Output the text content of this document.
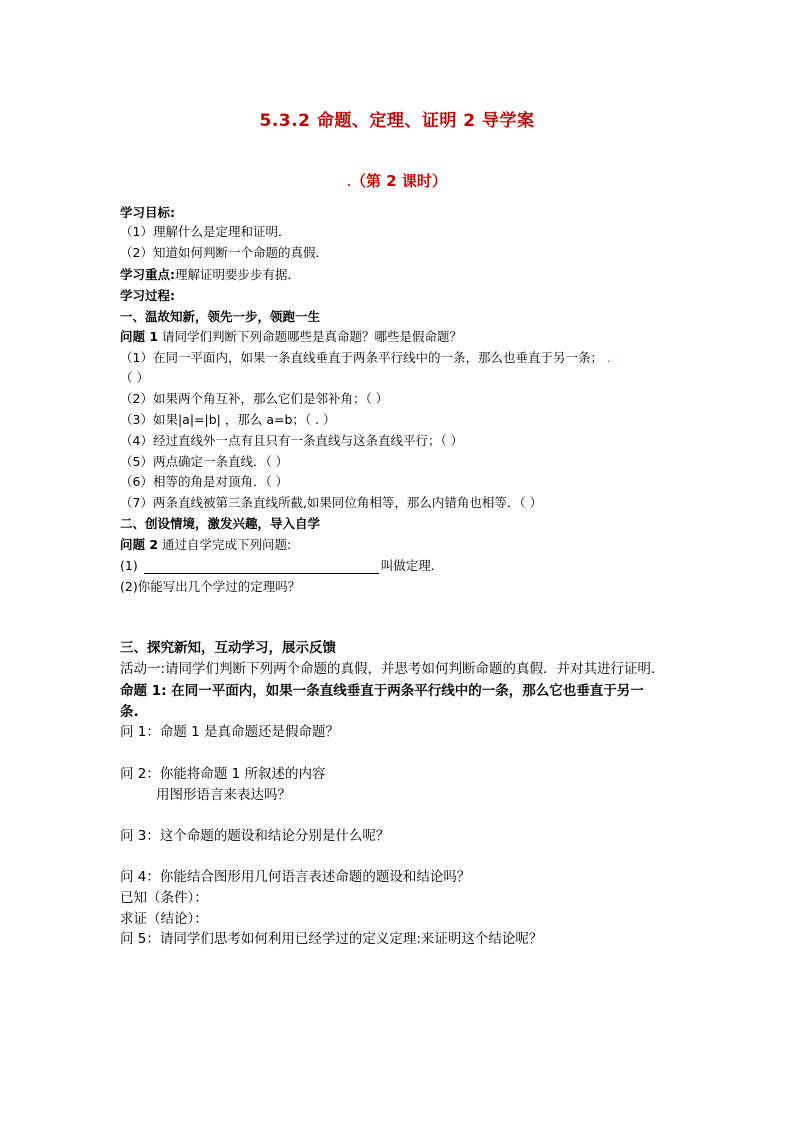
5.3.2 命题、定理、证明 2 导学案
.（第 2 课时）
学习目标:
（1）理解什么是定理和证明．
（2）知道如何判断一个命题的真假．
学习重点:理解证明要步步有据．
学习过程:
一、温故知新，领先一步，领跑一生
问题 1 请同学们判断下列命题哪些是真命题？哪些是假命题？
（1）在同一平面内，如果一条直线垂直于两条平行线中的一条，那么也垂直于另一条； .
（ ）
（2）如果两个角互补，那么它们是邻补角；（ ）
（3）如果|a|=|b| ，那么 a=b；（ . ）
（4）经过直线外一点有且只有一条直线与这条直线平行；（ ）
（5）两点确定一条直线．（ ）
（6）相等的角是对顶角．（ ）
（7）两条直线被第三条直线所截,如果同位角相等，那么内错角也相等．（ ）
二、创设情境，激发兴趣，导入自学
问题 2 通过自学完成下列问题:
(1)	叫做定理.
(2)你能写出几个学过的定理吗？
三、探究新知，互动学习，展示反馈
活动一:请同学们判断下列两个命题的真假，并思考如何判断命题的真假．并对其进行证明.
命题 1: 在同一平面内，如果一条直线垂直于两条平行线中的一条，那么它也垂直于另一
条.
问 1：命题 1 是真命题还是假命题？
问 2：你能将命题 1 所叙述的内容
用图形语言来表达吗？
问 3：这个命题的题设和结论分别是什么呢？
问 4：你能结合图形用几何语言表述命题的题设和结论吗？
已知（条件）：
求证（结论）：
问 5：请同学们思考如何利用已经学过的定义定理:来证明这个结论呢？
